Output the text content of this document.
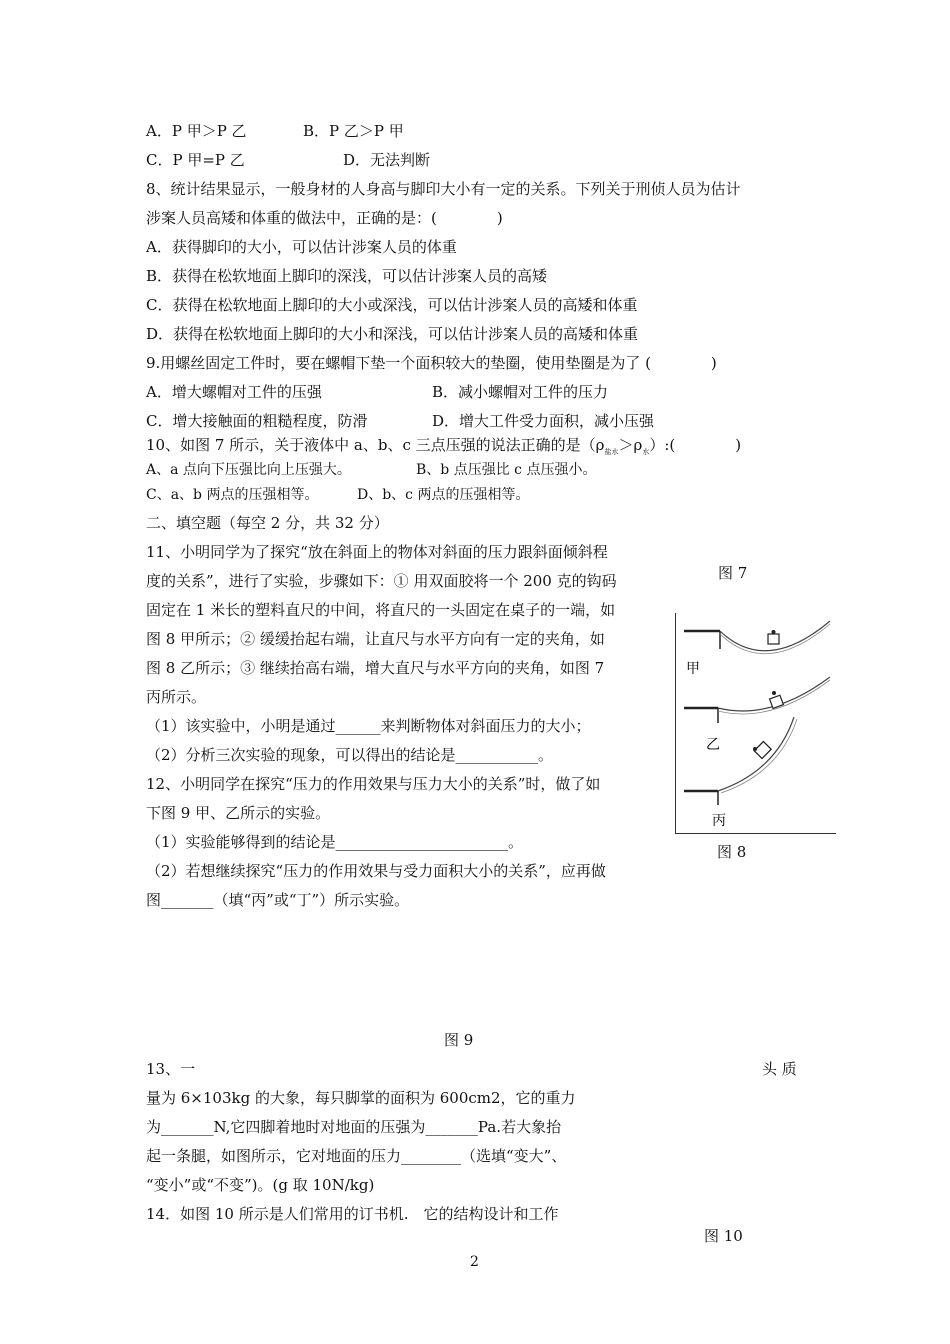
A．P 甲＞P 乙	B．P 乙＞P 甲
C．P 甲=P 乙	D．无法判断
8、统计结果显示，一般身材的人身高与脚印大小有一定的关系。下列关于刑侦人员为估计
涉案人员高矮和体重的做法中，正确的是：(　　　　)
A．获得脚印的大小，可以估计涉案人员的体重
B．获得在松软地面上脚印的深浅，可以估计涉案人员的高矮
C．获得在松软地面上脚印的大小或深浅，可以估计涉案人员的高矮和体重
D．获得在松软地面上脚印的大小和深浅，可以估计涉案人员的高矮和体重
9.用螺丝固定工件时，要在螺帽下垫一个面积较大的垫圈，使用垫圈是为了 (　　　　)
A．增大螺帽对工件的压强	B．减小螺帽对工件的压力
C．增大接触面的粗糙程度，防滑	D．增大工件受力面积，减小压强
10、如图 7 所示，关于液体中 a、b、c 三点压强的说法正确的是$(\rho_{盐水}>\rho_水)$:(　　　　)
A、a 点向下压强比向上压强大。	B、b 点压强比 c 点压强小。
C、a、b 两点的压强相等。	D、b、c 两点的压强相等。
二、填空题（每空 2 分，共 32 分）
11、小明同学为了探究“放在斜面上的物体对斜面的压力跟斜面倾斜程
度的关系”，进行了实验，步骤如下：① 用双面胶将一个 200 克的钩码
固定在 1 米长的塑料直尺的中间，将直尺的一头固定在桌子的一端，如
图 8 甲所示；② 缓缓抬起右端，让直尺与水平方向有一定的夹角，如
图 8 乙所示；③ 继续抬高右端，增大直尺与水平方向的夹角，如图 7
丙所示。
（1）该实验中，小明是通过______来判断物体对斜面压力的大小；
（2）分析三次实验的现象，可以得出的结论是___________。
12、小明同学在探究“压力的作用效果与压力大小的关系”时，做了如
下图 9 甲、乙所示的实验。
（1）实验能够得到的结论是_______________________。
（2）若想继续探究“压力的作用效果与受力面积大小的关系”，应再做
图_______（填“丙”或“丁”）所示实验。
图 7
图 8
图 9
图 10
甲
乙
丙
13、一	头 质
量为 6×103kg 的大象，每只脚掌的面积为 600cm2，它的重力
为_______N,它四脚着地时对地面的压强为_______Pa.若大象抬
起一条腿，如图所示，它对地面的压力________（选填“变大”、
“变小”或“不变”)。(g 取 10N/kg)
14．如图 10 所示是人们常用的订书机.　它的结构设计和工作
2
